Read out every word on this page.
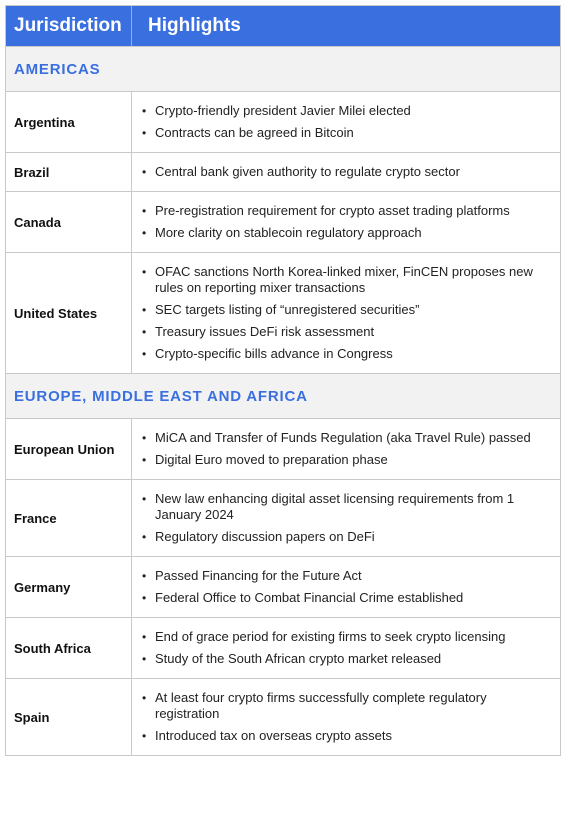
Jurisdiction	Highlights
AMERICAS
Argentina
• Crypto-friendly president Javier Milei elected
• Contracts can be agreed in Bitcoin
Brazil	• Central bank given authority to regulate crypto sector
Canada
• Pre-registration requirement for crypto asset trading platforms
• More clarity on stablecoin regulatory approach
United States
• OFAC sanctions North Korea-linked mixer, FinCEN proposes new rules on reporting mixer transactions
• SEC targets listing of “unregistered securities”
• Treasury issues DeFi risk assessment
• Crypto-specific bills advance in Congress
EUROPE, MIDDLE EAST AND AFRICA
European Union
• MiCA and Transfer of Funds Regulation (aka Travel Rule) passed
• Digital Euro moved to preparation phase
France
• New law enhancing digital asset licensing requirements from 1 January 2024
• Regulatory discussion papers on DeFi
Germany
• Passed Financing for the Future Act
• Federal Office to Combat Financial Crime established
South Africa
• End of grace period for existing firms to seek crypto licensing
• Study of the South African crypto market released
Spain
• At least four crypto firms successfully complete regulatory registration
• Introduced tax on overseas crypto assets
